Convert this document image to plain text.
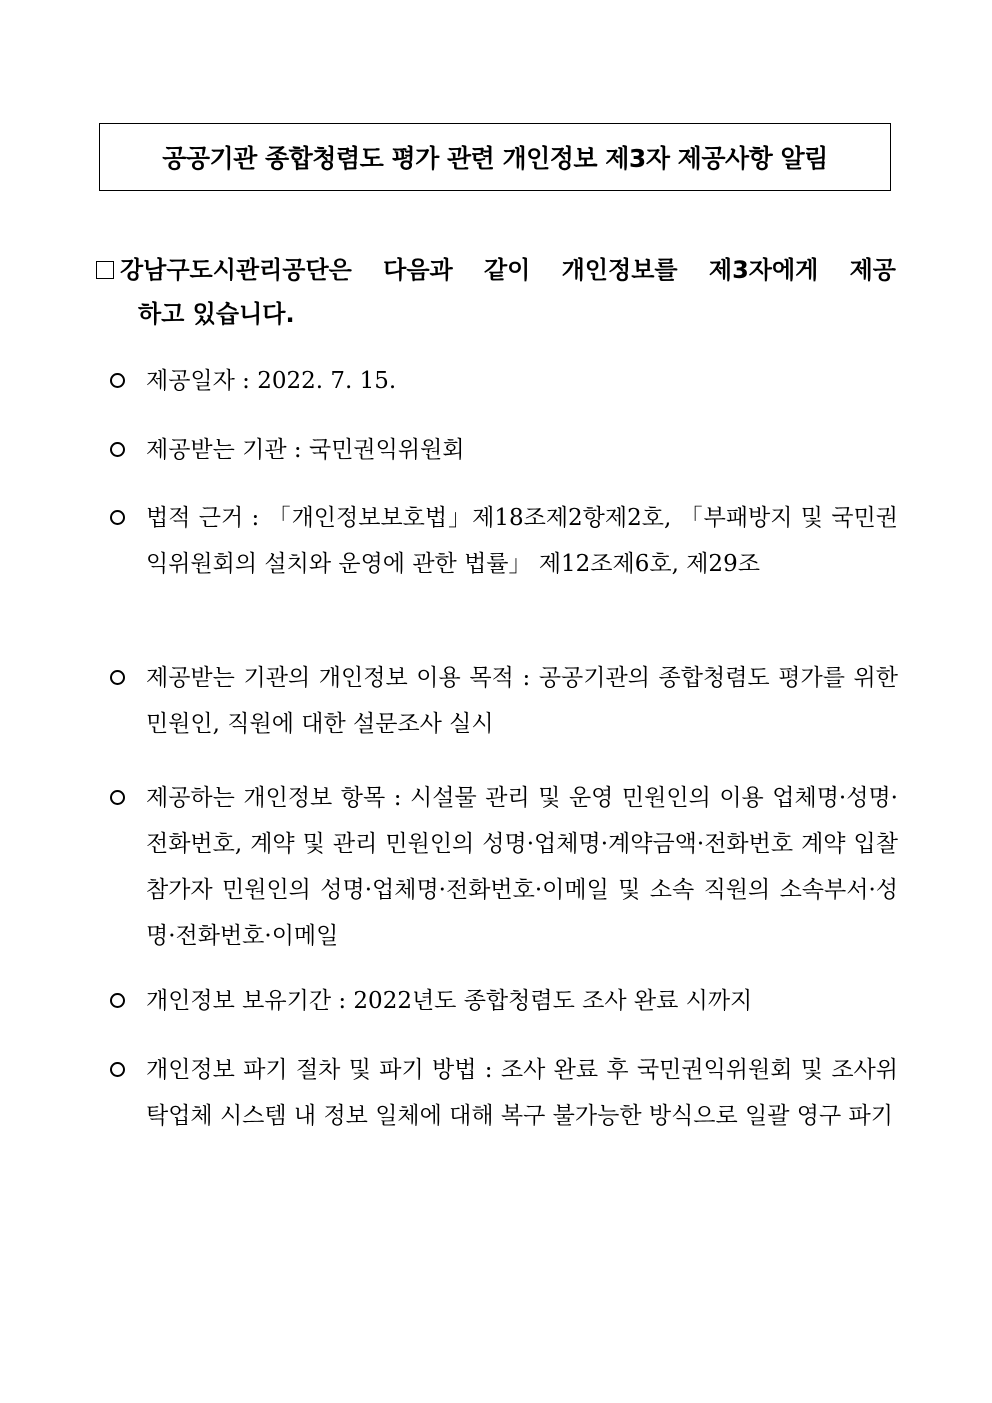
공공기관 종합청렴도 평가 관련 개인정보 제3자 제공사항 알림
강남구도시관리공단은 다음과 같이 개인정보를 제3자에게 제공
하고 있습니다.
제공일자 : 2022. 7. 15.
제공받는 기관 : 국민권익위원회
법적 근거 : 「개인정보보호법」제18조제2항제2호, 「부패방지 및 국민권익위원회의 설치와 운영에 관한 법률」 제12조제6호, 제29조
제공받는 기관의 개인정보 이용 목적 : 공공기관의 종합청렴도 평가를 위한 민원인, 직원에 대한 설문조사 실시
제공하는 개인정보 항목 : 시설물 관리 및 운영 민원인의 이용 업체명·성명·전화번호, 계약 및 관리 민원인의 성명·업체명·계약금액·전화번호 계약 입찰 참가자 민원인의 성명·업체명·전화번호·이메일 및 소속 직원의 소속부서·성명·전화번호·이메일
개인정보 보유기간 : 2022년도 종합청렴도 조사 완료 시까지
개인정보 파기 절차 및 파기 방법 : 조사 완료 후 국민권익위원회 및 조사위탁업체 시스템 내 정보 일체에 대해 복구 불가능한 방식으로 일괄 영구 파기
